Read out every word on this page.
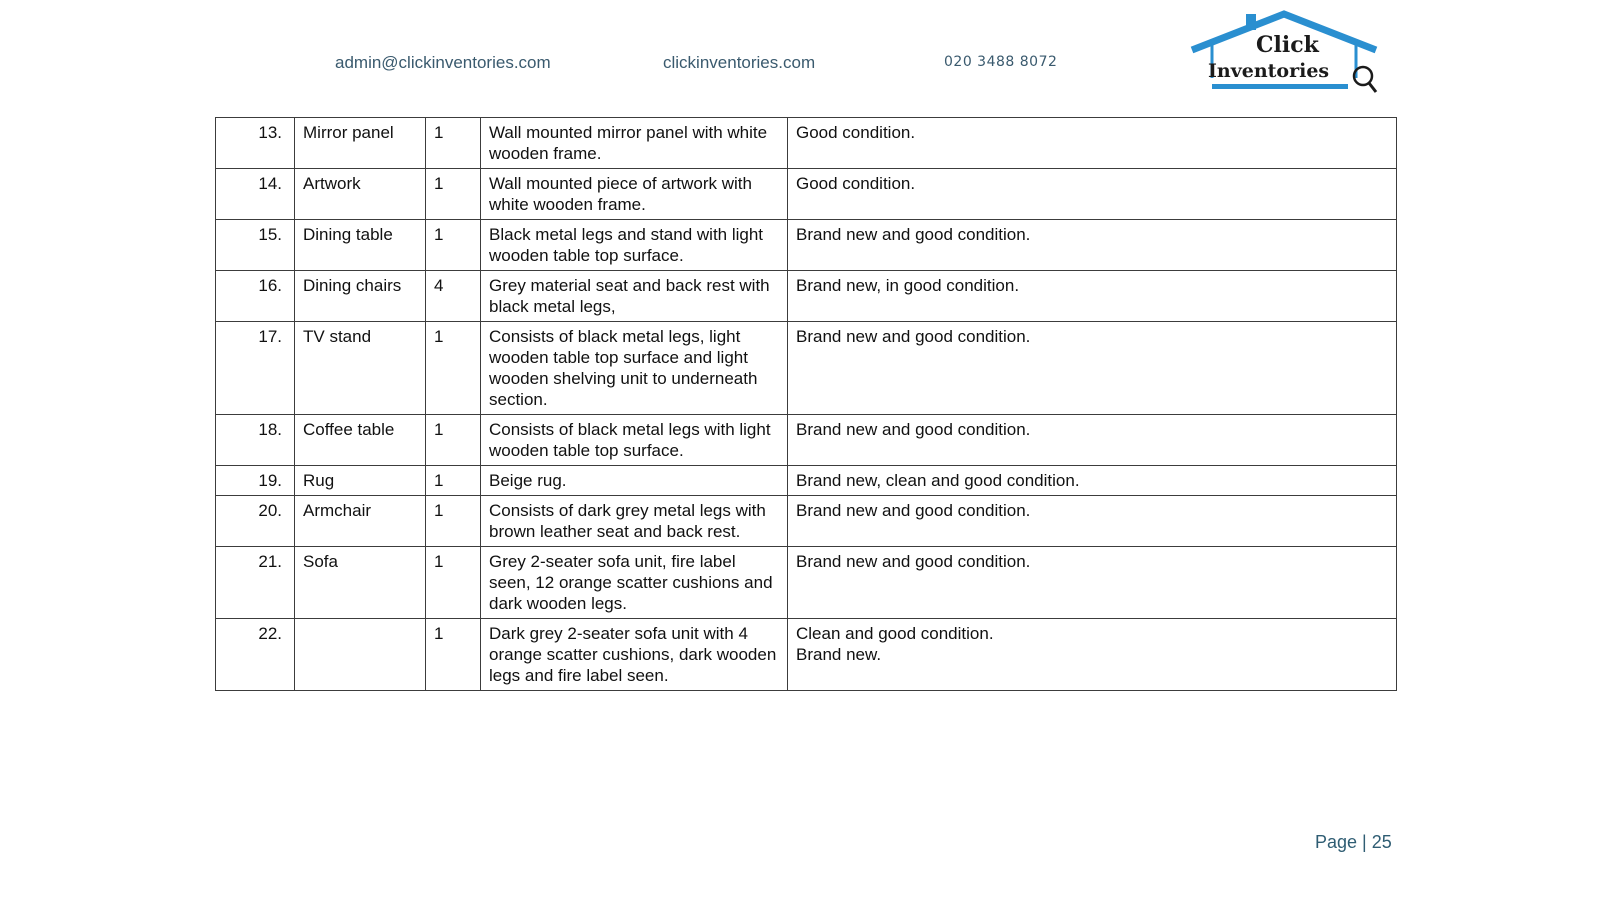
admin@clickinventories.com	clickinventories.com	020 3488 8072
Click
Inventories
13.	Mirror panel	1	Wall mounted mirror panel with white wooden frame.	Good condition.
14.	Artwork	1	Wall mounted piece of artwork with white wooden frame.	Good condition.
15.	Dining table	1	Black metal legs and stand with light wooden table top surface.	Brand new and good condition.
16.	Dining chairs	4	Grey material seat and back rest with black metal legs,	Brand new, in good condition.
17.	TV stand	1	Consists of black metal legs, light wooden table top surface and light wooden shelving unit to underneath section.	Brand new and good condition.
18.	Coffee table	1	Consists of black metal legs with light wooden table top surface.	Brand new and good condition.
19.	Rug	1	Beige rug.	Brand new, clean and good condition.
20.	Armchair	1	Consists of dark grey metal legs with brown leather seat and back rest.	Brand new and good condition.
21.	Sofa	1	Grey 2-seater sofa unit, fire label seen, 12 orange scatter cushions and dark wooden legs.	Brand new and good condition.
22.		1	Dark grey 2-seater sofa unit with 4 orange scatter cushions, dark wooden legs and fire label seen.	Clean and good condition.
Brand new.
Page | 25
